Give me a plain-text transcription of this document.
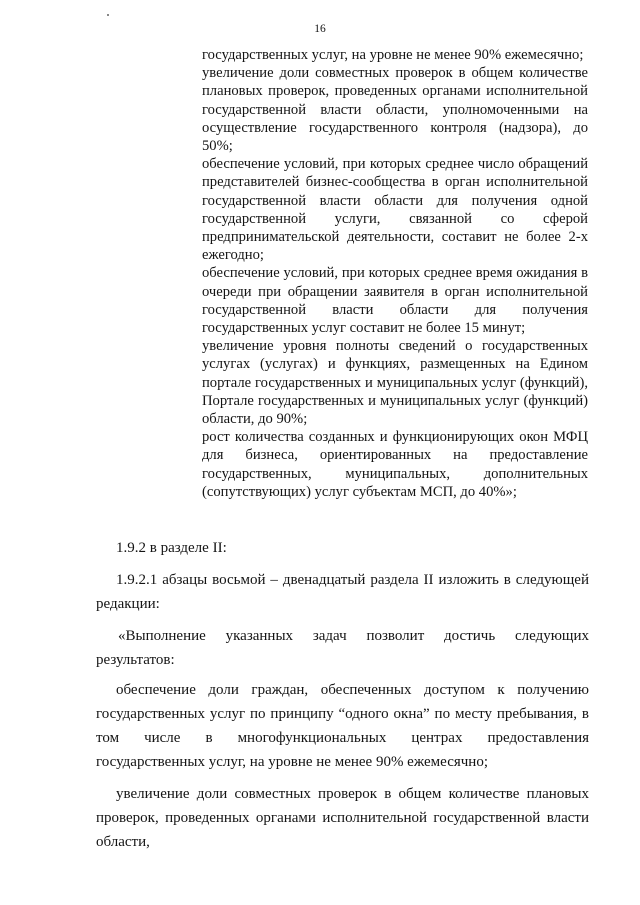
16

государственных услуг, на уровне не менее 90% ежемесячно;

увеличение доли совместных проверок в общем количестве плановых проверок, проведенных органами исполнительной государственной власти области, уполномоченными на осуществление государственного контроля (надзора), до 50%;

обеспечение условий, при которых среднее число обращений представителей бизнес-сообщества в орган исполнительной государственной власти области для получения одной государственной услуги, связанной со сферой предпринимательской деятельности, составит не более 2-х ежегодно;

обеспечение условий, при которых среднее время ожидания в очереди при обращении заявителя в орган исполнительной государственной власти области для получения государственных услуг составит не более 15 минут;

увеличение уровня полноты сведений о государственных услугах (услугах) и функциях, размещенных на Едином портале государственных и муниципальных услуг (функций), Портале государственных и муниципальных услуг (функций) области, до 90%;

рост количества созданных и функционирующих окон МФЦ для бизнеса, ориентированных на предоставление государственных, муниципальных, дополнительных (сопутствующих) услуг субъектам МСП, до 40%»;

1.9.2 в разделе II:

1.9.2.1 абзацы восьмой – двенадцатый раздела II изложить в следующей редакции:

«Выполнение указанных задач позволит достичь следующих результатов:

обеспечение доли граждан, обеспеченных доступом к получению государственных услуг по принципу “одного окна” по месту пребывания, в том числе в многофункциональных центрах предоставления государственных услуг, на уровне не менее 90% ежемесячно;

увеличение доли совместных проверок в общем количестве плановых проверок, проведенных органами исполнительной государственной власти области,
